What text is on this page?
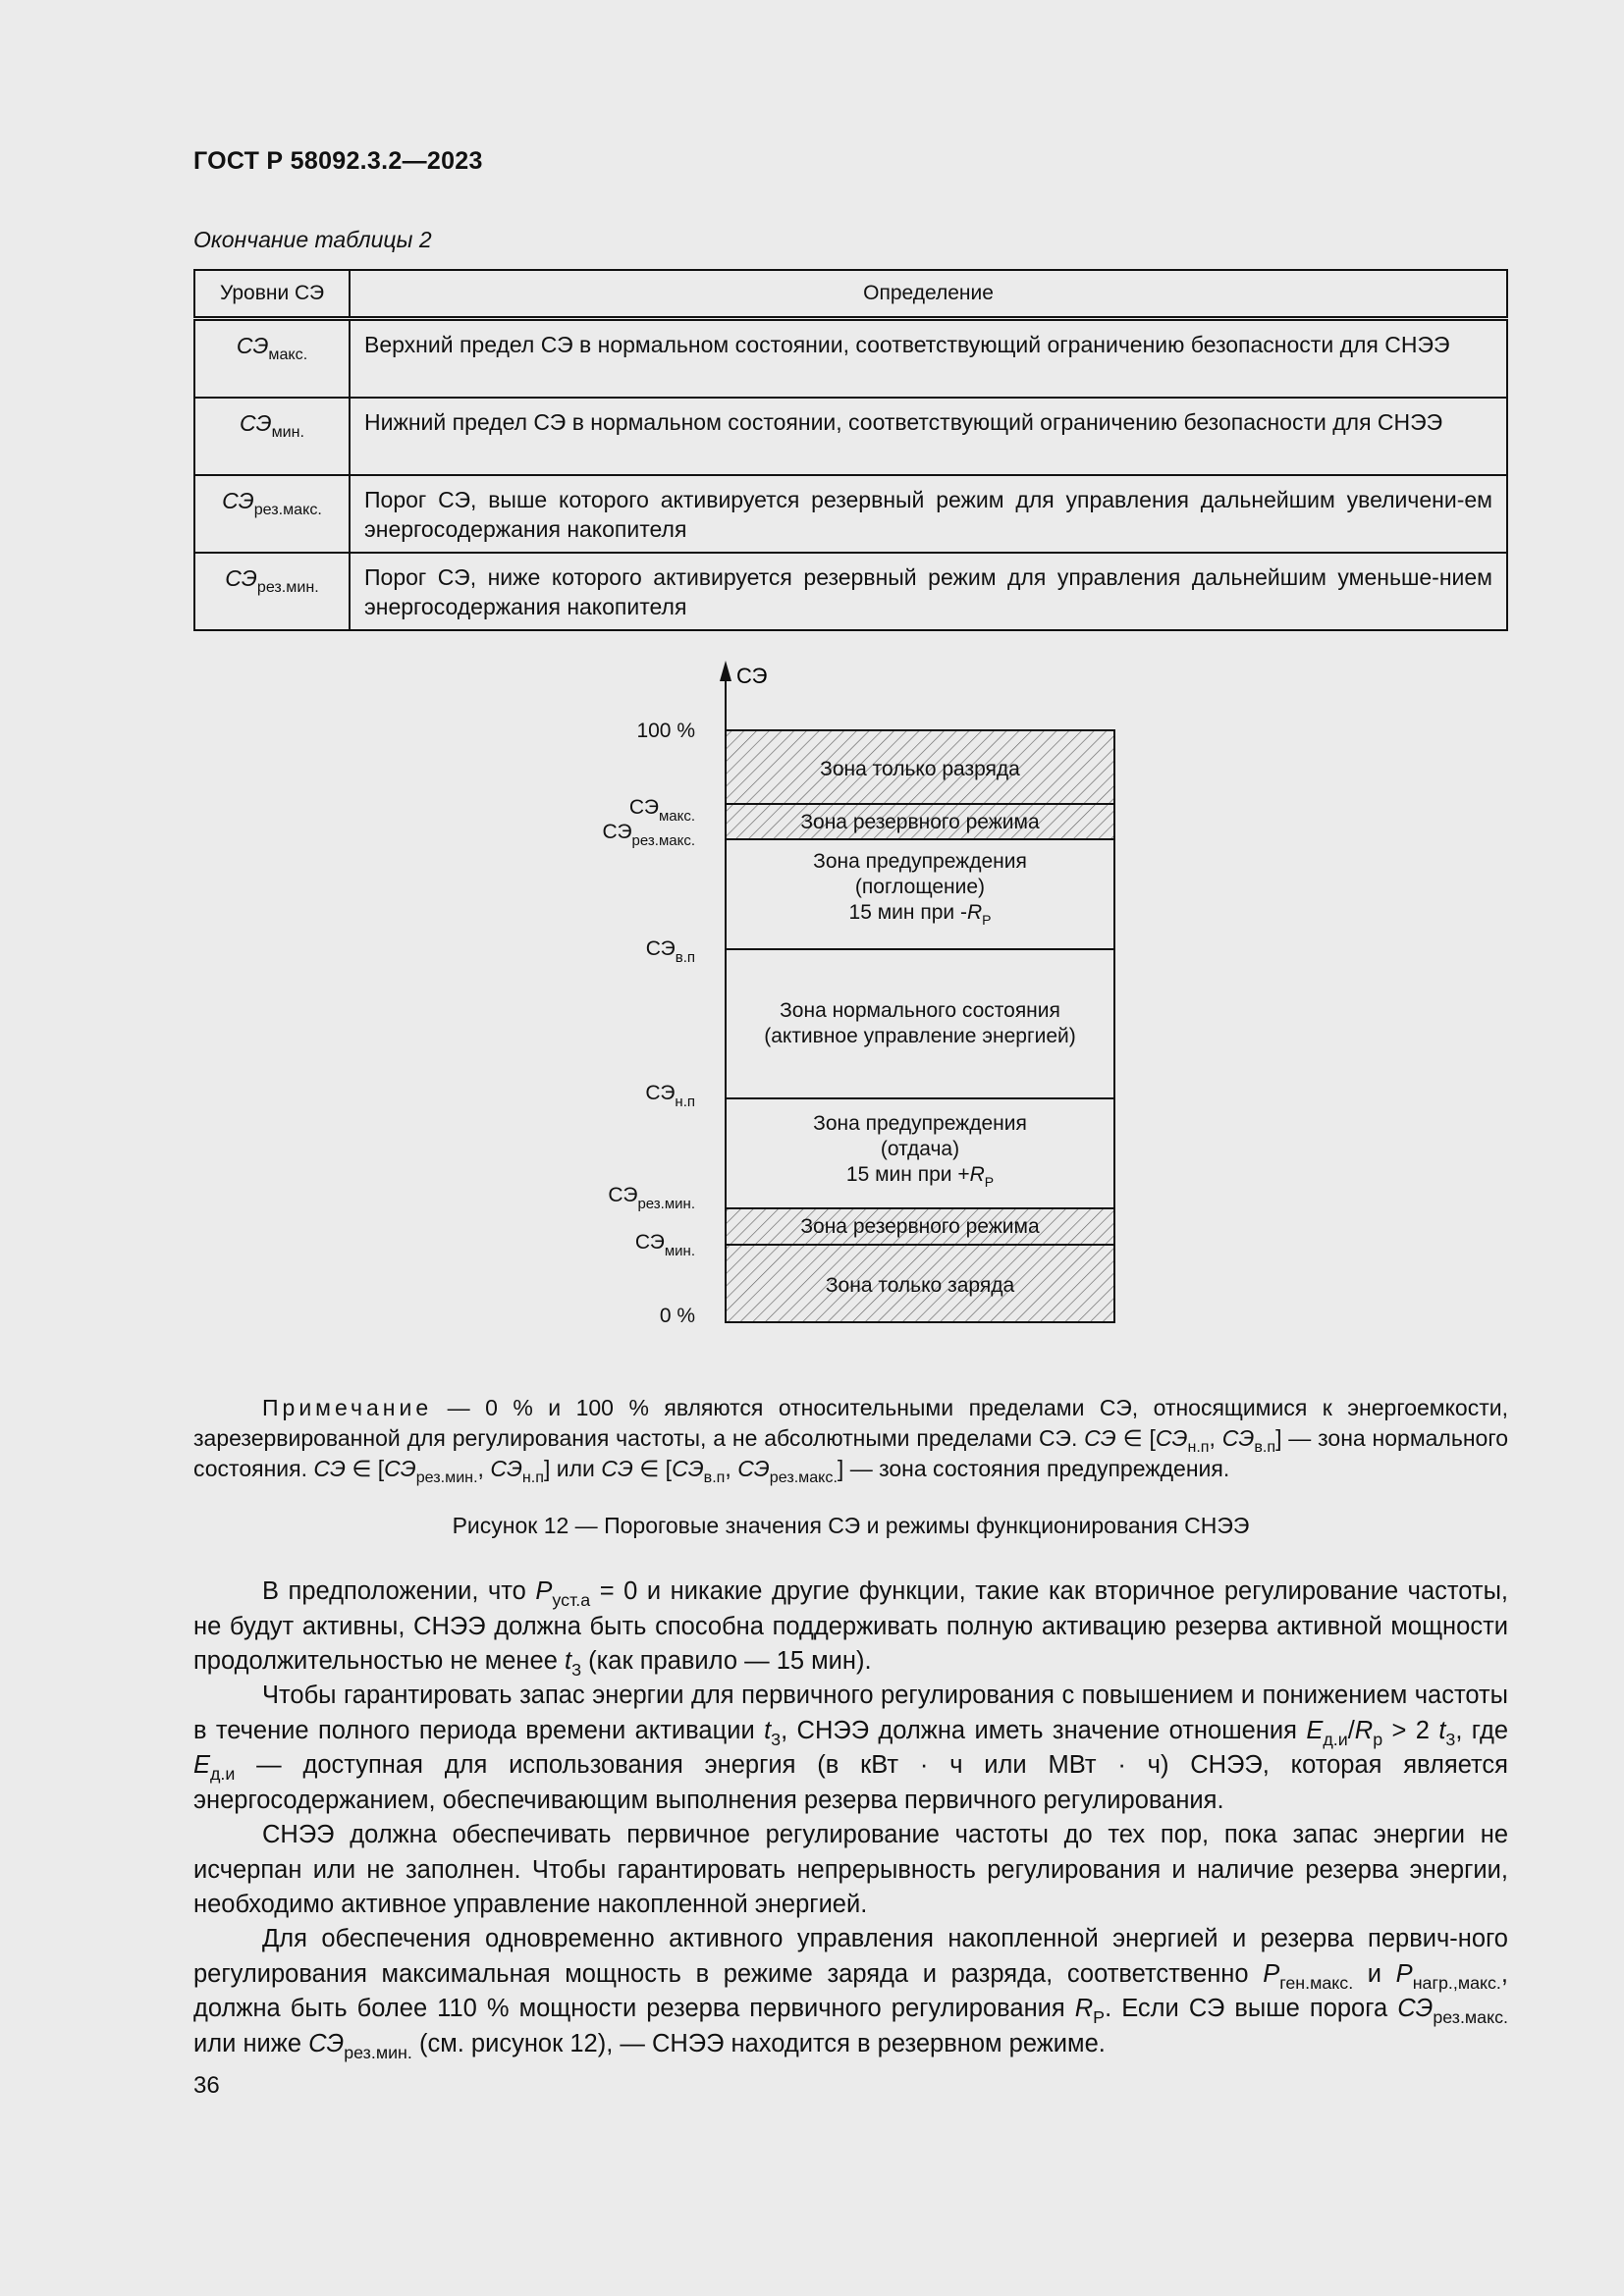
ГОСТ Р 58092.3.2—2023
Окончание таблицы 2
Уровни СЭ	Определение
$СЭ_{макс.}$	Верхний предел СЭ в нормальном состоянии, соответствующий ограничению безопасности для СНЭЭ
$СЭ_{мин.}$	Нижний предел СЭ в нормальном состоянии, соответствующий ограничению безопасности для СНЭЭ
$СЭ_{рез.макс.}$	Порог СЭ, выше которого активируется резервный режим для управления дальнейшим увеличени-ем энергосодержания накопителя
$СЭ_{рез.мин.}$	Порог СЭ, ниже которого активируется резервный режим для управления дальнейшим уменьше-нием энергосодержания накопителя
СЭ
Зона только разряда
Зона резервного режима
Зона предупреждения
(поглощение)
15 мин при $-R_P$
Зона нормального состояния
(активное управление энергией)
Зона предупреждения
(отдача)
15 мин при $+R_P$
Зона резервного режима
Зона только заряда
100 %
$СЭ_{макс.}$
$СЭ_{рез.макс.}$
$СЭ_{в.п}$
$СЭ_{н.п}$
$СЭ_{рез.мин.}$
$СЭ_{мин.}$
0 %
Примечание — 0 % и 100 % являются относительными пределами СЭ, относящимися к энергоемкости, зарезервированной для регулирования частоты, а не абсолютными пределами СЭ. СЭ ∈ [$СЭ_{н.п}$, $СЭ_{в.п}$] — зона нормального состояния. СЭ ∈ [$СЭ_{рез.мин.}$, $СЭ_{н.п}$] или СЭ ∈ [$СЭ_{в.п}$, $СЭ_{рез.макс.}$] — зона состояния предупреждения.
Рисунок 12 — Пороговые значения СЭ и режимы функционирования СНЭЭ
В предположении, что $P_{уст.а} = 0$ и никакие другие функции, такие как вторичное регулирование частоты, не будут активны, СНЭЭ должна быть способна поддерживать полную активацию резерва активной мощности продолжительностью не менее $t_3$ (как правило — 15 мин).
Чтобы гарантировать запас энергии для первичного регулирования с повышением и понижением частоты в течение полного периода времени активации $t_3$, СНЭЭ должна иметь значение отношения $E_{д.и}/R_p > 2$ $t_3$, где $E_{д.и}$ — доступная для использования энергия (в кВт · ч или МВт · ч) СНЭЭ, которая является энергосодержанием, обеспечивающим выполнения резерва первичного регулирования.
СНЭЭ должна обеспечивать первичное регулирование частоты до тех пор, пока запас энергии не исчерпан или не заполнен. Чтобы гарантировать непрерывность регулирования и наличие резерва энергии, необходимо активное управление накопленной энергией.
Для обеспечения одновременно активного управления накопленной энергией и резерва первич-ного регулирования максимальная мощность в режиме заряда и разряда, соответственно $P_{ген.макс.}$ и $P_{нагр.,макс.}$, должна быть более 110 % мощности резерва первичного регулирования $R_P$. Если СЭ выше порога $СЭ_{рез.макс.}$ или ниже $СЭ_{рез.мин.}$ (см. рисунок 12), — СНЭЭ находится в резервном режиме.
36
